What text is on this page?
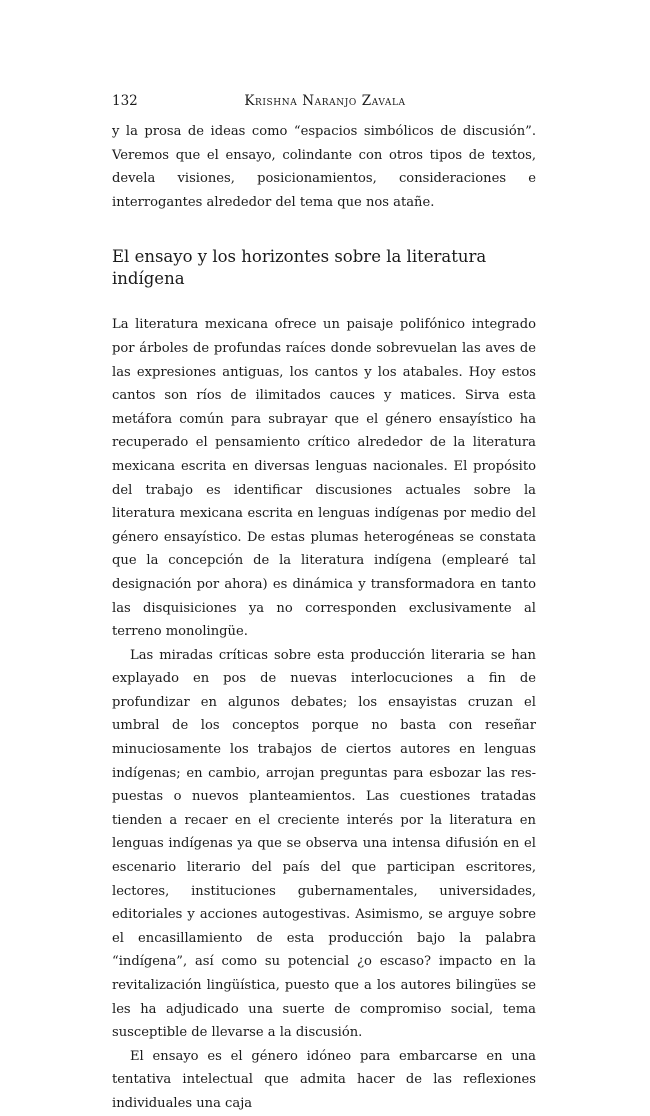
132	Krishna Naranjo Zavala

y la prosa de ideas como “espacios simbólicos de discusión”. Veremos que el ensayo, colindante con otros tipos de textos, devela visiones, posicionamientos, consideraciones e interrogantes alrededor del tema que nos atañe.

El ensayo y los horizontes sobre la literatura indígena

La literatura mexicana ofrece un paisaje polifónico integrado por árboles de profundas raíces donde sobrevuelan las aves de las expresiones antiguas, los cantos y los atabales. Hoy estos cantos son ríos de ilimitados cauces y matices. Sirva esta metáfora común para subrayar que el género ensayístico ha recuperado el pensamiento crítico alrededor de la literatura mexicana escrita en diversas lenguas nacionales. El propósito del trabajo es identificar discusiones actuales sobre la literatura mexicana escrita en lenguas indígenas por medio del género ensayístico. De estas plumas heterogéneas se constata que la concepción de la literatura indígena (emplearé tal designación por ahora) es dinámica y transformadora en tanto las disquisiciones ya no corresponden exclusivamente al terreno monolingüe.

Las miradas críticas sobre esta producción literaria se han explayado en pos de nuevas interlocuciones a fin de profundizar en algunos debates; los ensayistas cruzan el umbral de los conceptos porque no basta con reseñar minuciosamente los trabajos de ciertos autores en lenguas indígenas; en cambio, arrojan preguntas para esbozar las respuestas o nuevos planteamientos. Las cuestiones tratadas tienden a recaer en el creciente interés por la literatura en lenguas indígenas ya que se observa una intensa difusión en el escenario literario del país del que participan escritores, lectores, instituciones gubernamentales, universidades, editoriales y acciones autogestivas. Asimismo, se arguye sobre el encasillamiento de esta producción bajo la palabra “indígena”, así como su potencial ¿o escaso? impacto en la revitalización lingüística, puesto que a los autores bilingües se les ha adjudicado una suerte de compromiso social, tema susceptible de llevarse a la discusión.

El ensayo es el género idóneo para embarcarse en una tentativa intelectual que admita hacer de las reflexiones individuales una caja
